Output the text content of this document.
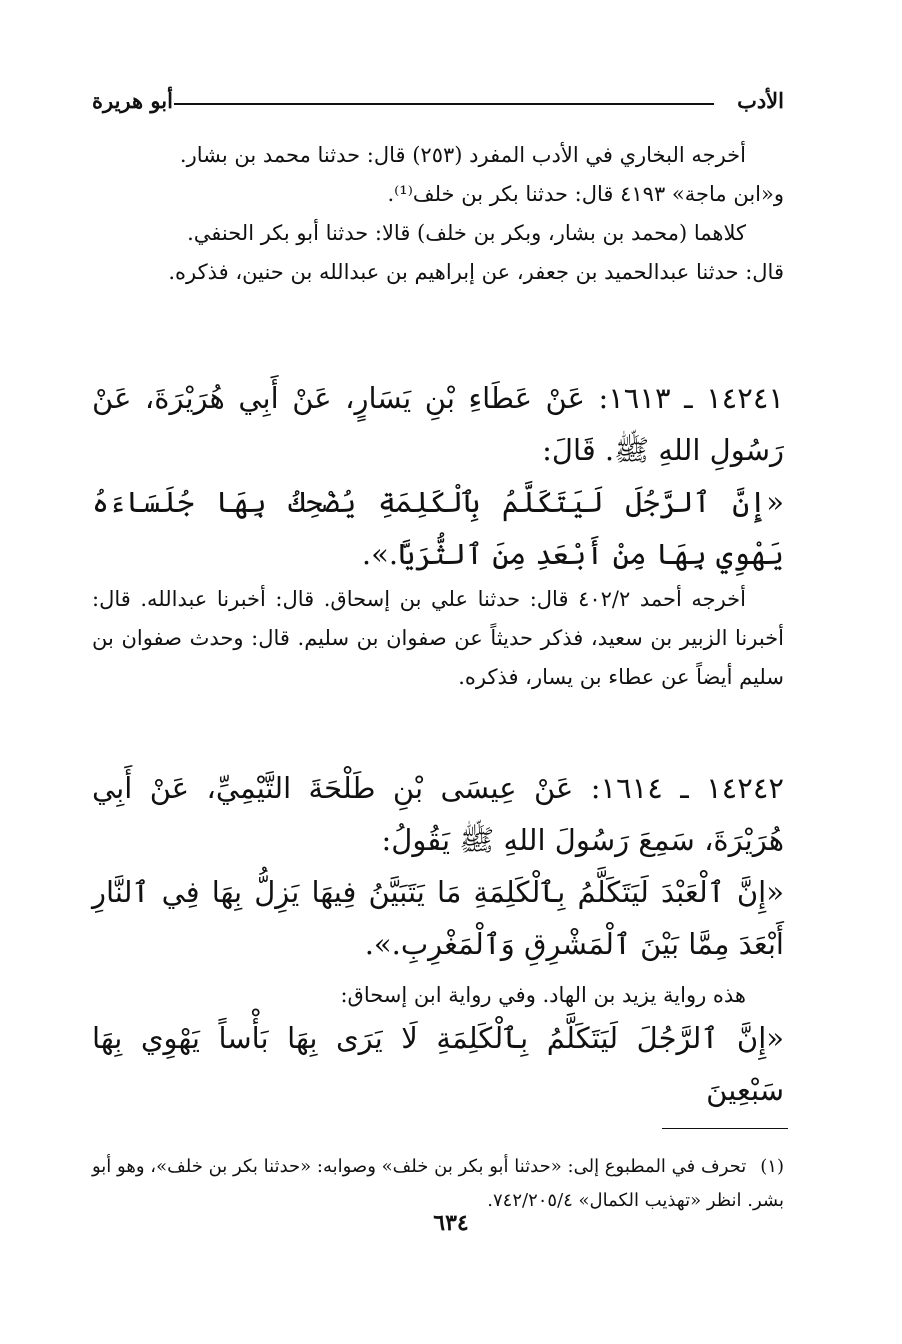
الأدب
أبو هريرة

أخرجه البخاري في الأدب المفرد (٢٥٣) قال: حدثنا محمد بن بشار.

و«ابن ماجة» ٤١٩٣ قال: حدثنا بكر بن خلف⁽¹⁾.

كلاهما (محمد بن بشار، وبكر بن خلف) قالا: حدثنا أبو بكر الحنفي.

قال: حدثنا عبدالحميد بن جعفر، عن إبراهيم بن عبدالله بن حنين، فذكره.

١٤٢٤١ ـ ١٦١٣: عَنْ عَطَاءِ بْنِ يَسَارٍ، عَنْ أَبِي هُرَيْرَةَ، عَنْ رَسُولِ اللهِ ﷺ. قَالَ:

«إِنَّ ٱلرَّجُلَ لَيَتَكَلَّمُ بِٱلْكَلِمَةِ يُضْحِكُ بِهَا جُلَسَاءَهُ يَهْوِي بِهَا مِنْ أَبْعَدِ مِنَ ٱلثُّرَيَّا.».

أخرجه أحمد ٤٠٢/٢ قال: حدثنا علي بن إسحاق. قال: أخبرنا عبدالله. قال: أخبرنا الزبير بن سعيد، فذكر حديثاً عن صفوان بن سليم. قال: وحدث صفوان بن سليم أيضاً عن عطاء بن يسار، فذكره.

١٤٢٤٢ ـ ١٦١٤: عَنْ عِيسَى بْنِ طَلْحَةَ التَّيْمِيِّ، عَنْ أَبِي هُرَيْرَةَ، سَمِعَ رَسُولَ اللهِ ﷺ يَقُولُ:

«إِنَّ ٱلْعَبْدَ لَيَتَكَلَّمُ بِٱلْكَلِمَةِ مَا يَتَبَيَّنُ فِيهَا يَزِلُّ بِهَا فِي ٱلنَّارِ أَبْعَدَ مِمَّا بَيْنَ ٱلْمَشْرِقِ وَٱلْمَغْرِبِ.».

هذه رواية يزيد بن الهاد. وفي رواية ابن إسحاق:

«إِنَّ ٱلرَّجُلَ لَيَتَكَلَّمُ بِٱلْكَلِمَةِ لَا يَرَى بِهَا بَأْساً يَهْوِي بِهَا سَبْعِينَ

(١)تحرف في المطبوع إلى: «حدثنا أبو بكر بن خلف» وصوابه: «حدثنا بكر بن خلف»، وهو أبو بشر. انظر «تهذيب الكمال» ٧٤٢/٢٠٥/٤.
٦٣٤
